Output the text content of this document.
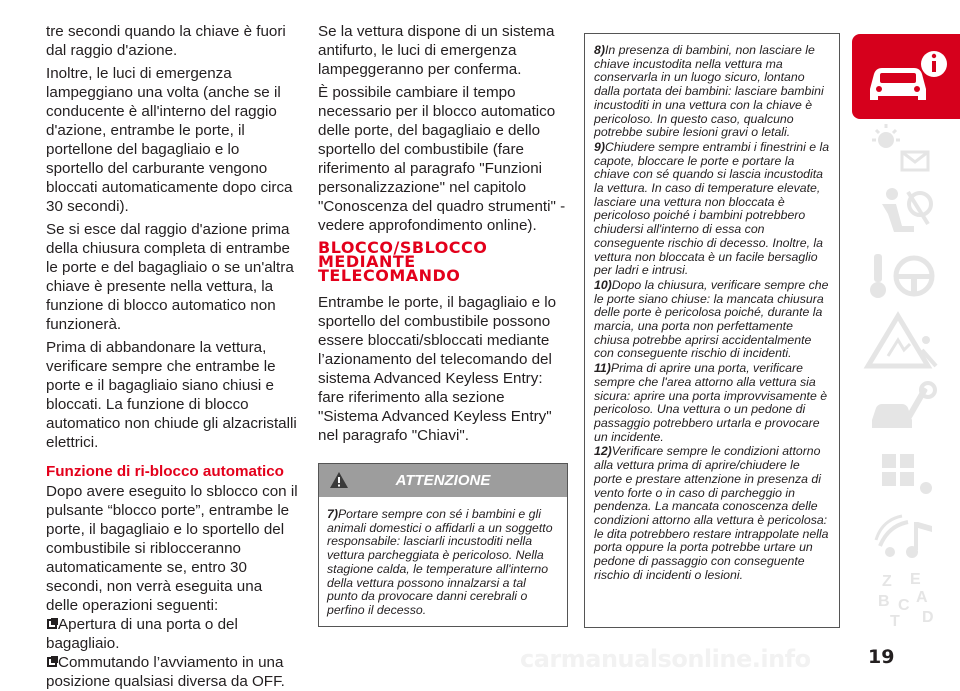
tre secondi quando la chiave è fuori dal raggio d'azione.

Inoltre, le luci di emergenza lampeggiano una volta (anche se il conducente è all'interno del raggio d'azione, entrambe le porte, il portellone del bagagliaio e lo sportello del carburante vengono bloccati automaticamente dopo circa 30 secondi).

Se si esce dal raggio d'azione prima della chiusura completa di entrambe le porte e del bagagliaio o se un'altra chiave è presente nella vettura, la funzione di blocco automatico non funzionerà.

Prima di abbandonare la vettura, verificare sempre che entrambe le porte e il bagagliaio siano chiusi e bloccati. La funzione di blocco automatico non chiude gli alzacristalli elettrici.

Funzione di ri-blocco automatico

Dopo avere eseguito lo sblocco con il pulsante “blocco porte”, entrambe le porte, il bagagliaio e lo sportello del combustibile si riblocceranno automaticamente se, entro 30 secondi, non verrà eseguita una delle operazioni seguenti:

Apertura di una porta o del bagagliaio.

Commutando l’avviamento in una posizione qualsiasi diversa da OFF.

Se la vettura dispone di un sistema antifurto, le luci di emergenza lampeggeranno per conferma.

È possibile cambiare il tempo necessario per il blocco automatico delle porte, del bagagliaio e dello sportello del combustibile (fare riferimento al paragrafo "Funzioni personalizzazione" nel capitolo "Conoscenza del quadro strumenti" - vedere approfondimento online).

BLOCCO/SBLOCCO
MEDIANTE
TELECOMANDO

Entrambe le porte, il bagagliaio e lo sportello del combustibile possono essere bloccati/sbloccati mediante l’azionamento del telecomando del sistema Advanced Keyless Entry: fare riferimento alla sezione "Sistema Advanced Keyless Entry" nel paragrafo "Chiavi".

ATTENZIONE

7)Portare sempre con sé i bambini e gli animali domestici o affidarli a un soggetto responsabile: lasciarli incustoditi nella vettura parcheggiata è pericoloso. Nella stagione calda, le temperature all'interno della vettura possono innalzarsi a tal punto da provocare danni cerebrali o perfino il decesso.

8)In presenza di bambini, non lasciare le chiave incustodita nella vettura ma conservarla in un luogo sicuro, lontano dalla portata dei bambini: lasciare bambini incustoditi in una vettura con la chiave è pericoloso. In questo caso, qualcuno potrebbe subire lesioni gravi o letali.

9)Chiudere sempre entrambi i finestrini e la capote, bloccare le porte e portare la chiave con sé quando si lascia incustodita la vettura. In caso di temperature elevate, lasciare una vettura non bloccata è pericoloso poiché i bambini potrebbero chiudersi all'interno di essa con conseguente rischio di decesso. Inoltre, la vettura non bloccata è un facile bersaglio per ladri e intrusi.

10)Dopo la chiusura, verificare sempre che le porte siano chiuse: la mancata chiusura delle porte è pericolosa poiché, durante la marcia, una porta non perfettamente chiusa potrebbe aprirsi accidentalmente con conseguente rischio di incidenti.

11)Prima di aprire una porta, verificare sempre che l'area attorno alla vettura sia sicura: aprire una porta improvvisamente è pericoloso. Una vettura o un pedone di passaggio potrebbero urtarla e provocare un incidente.

12)Verificare sempre le condizioni attorno alla vettura prima di aprire/chiudere le porte e prestare attenzione in presenza di vento forte o in caso di parcheggio in pendenza. La mancata conoscenza delle condizioni attorno alla vettura è pericolosa: le dita potrebbero restare intrappolate nella porta oppure la porta potrebbe urtare un pedone di passaggio con conseguente rischio di incidenti o lesioni.	Z E
B C A
T D
19
carmanualsonline.info
